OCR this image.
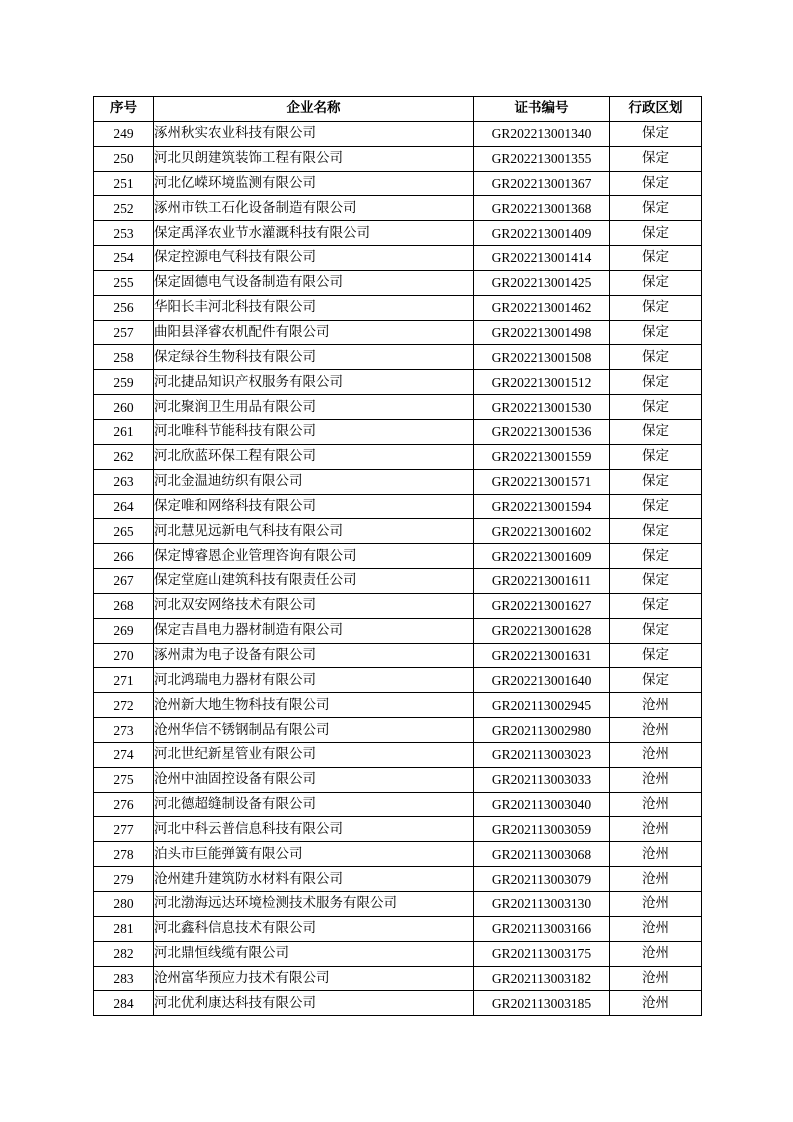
序号	企业名称	证书编号	行政区划
249	涿州秋实农业科技有限公司	GR202213001340	保定
250	河北贝朗建筑装饰工程有限公司	GR202213001355	保定
251	河北亿嵘环境监测有限公司	GR202213001367	保定
252	涿州市铁工石化设备制造有限公司	GR202213001368	保定
253	保定禹泽农业节水灌溉科技有限公司	GR202213001409	保定
254	保定控源电气科技有限公司	GR202213001414	保定
255	保定固德电气设备制造有限公司	GR202213001425	保定
256	华阳长丰河北科技有限公司	GR202213001462	保定
257	曲阳县泽睿农机配件有限公司	GR202213001498	保定
258	保定绿谷生物科技有限公司	GR202213001508	保定
259	河北捷品知识产权服务有限公司	GR202213001512	保定
260	河北聚润卫生用品有限公司	GR202213001530	保定
261	河北唯科节能科技有限公司	GR202213001536	保定
262	河北欣蓝环保工程有限公司	GR202213001559	保定
263	河北金温迪纺织有限公司	GR202213001571	保定
264	保定唯和网络科技有限公司	GR202213001594	保定
265	河北慧见远新电气科技有限公司	GR202213001602	保定
266	保定博睿恩企业管理咨询有限公司	GR202213001609	保定
267	保定堂庭山建筑科技有限责任公司	GR202213001611	保定
268	河北双安网络技术有限公司	GR202213001627	保定
269	保定吉昌电力器材制造有限公司	GR202213001628	保定
270	涿州肃为电子设备有限公司	GR202213001631	保定
271	河北鸿瑞电力器材有限公司	GR202213001640	保定
272	沧州新大地生物科技有限公司	GR202113002945	沧州
273	沧州华信不锈钢制品有限公司	GR202113002980	沧州
274	河北世纪新星管业有限公司	GR202113003023	沧州
275	沧州中油固控设备有限公司	GR202113003033	沧州
276	河北德超缝制设备有限公司	GR202113003040	沧州
277	河北中科云普信息科技有限公司	GR202113003059	沧州
278	泊头市巨能弹簧有限公司	GR202113003068	沧州
279	沧州建升建筑防水材料有限公司	GR202113003079	沧州
280	河北渤海远达环境检测技术服务有限公司	GR202113003130	沧州
281	河北鑫科信息技术有限公司	GR202113003166	沧州
282	河北鼎恒线缆有限公司	GR202113003175	沧州
283	沧州富华预应力技术有限公司	GR202113003182	沧州
284	河北优利康达科技有限公司	GR202113003185	沧州
